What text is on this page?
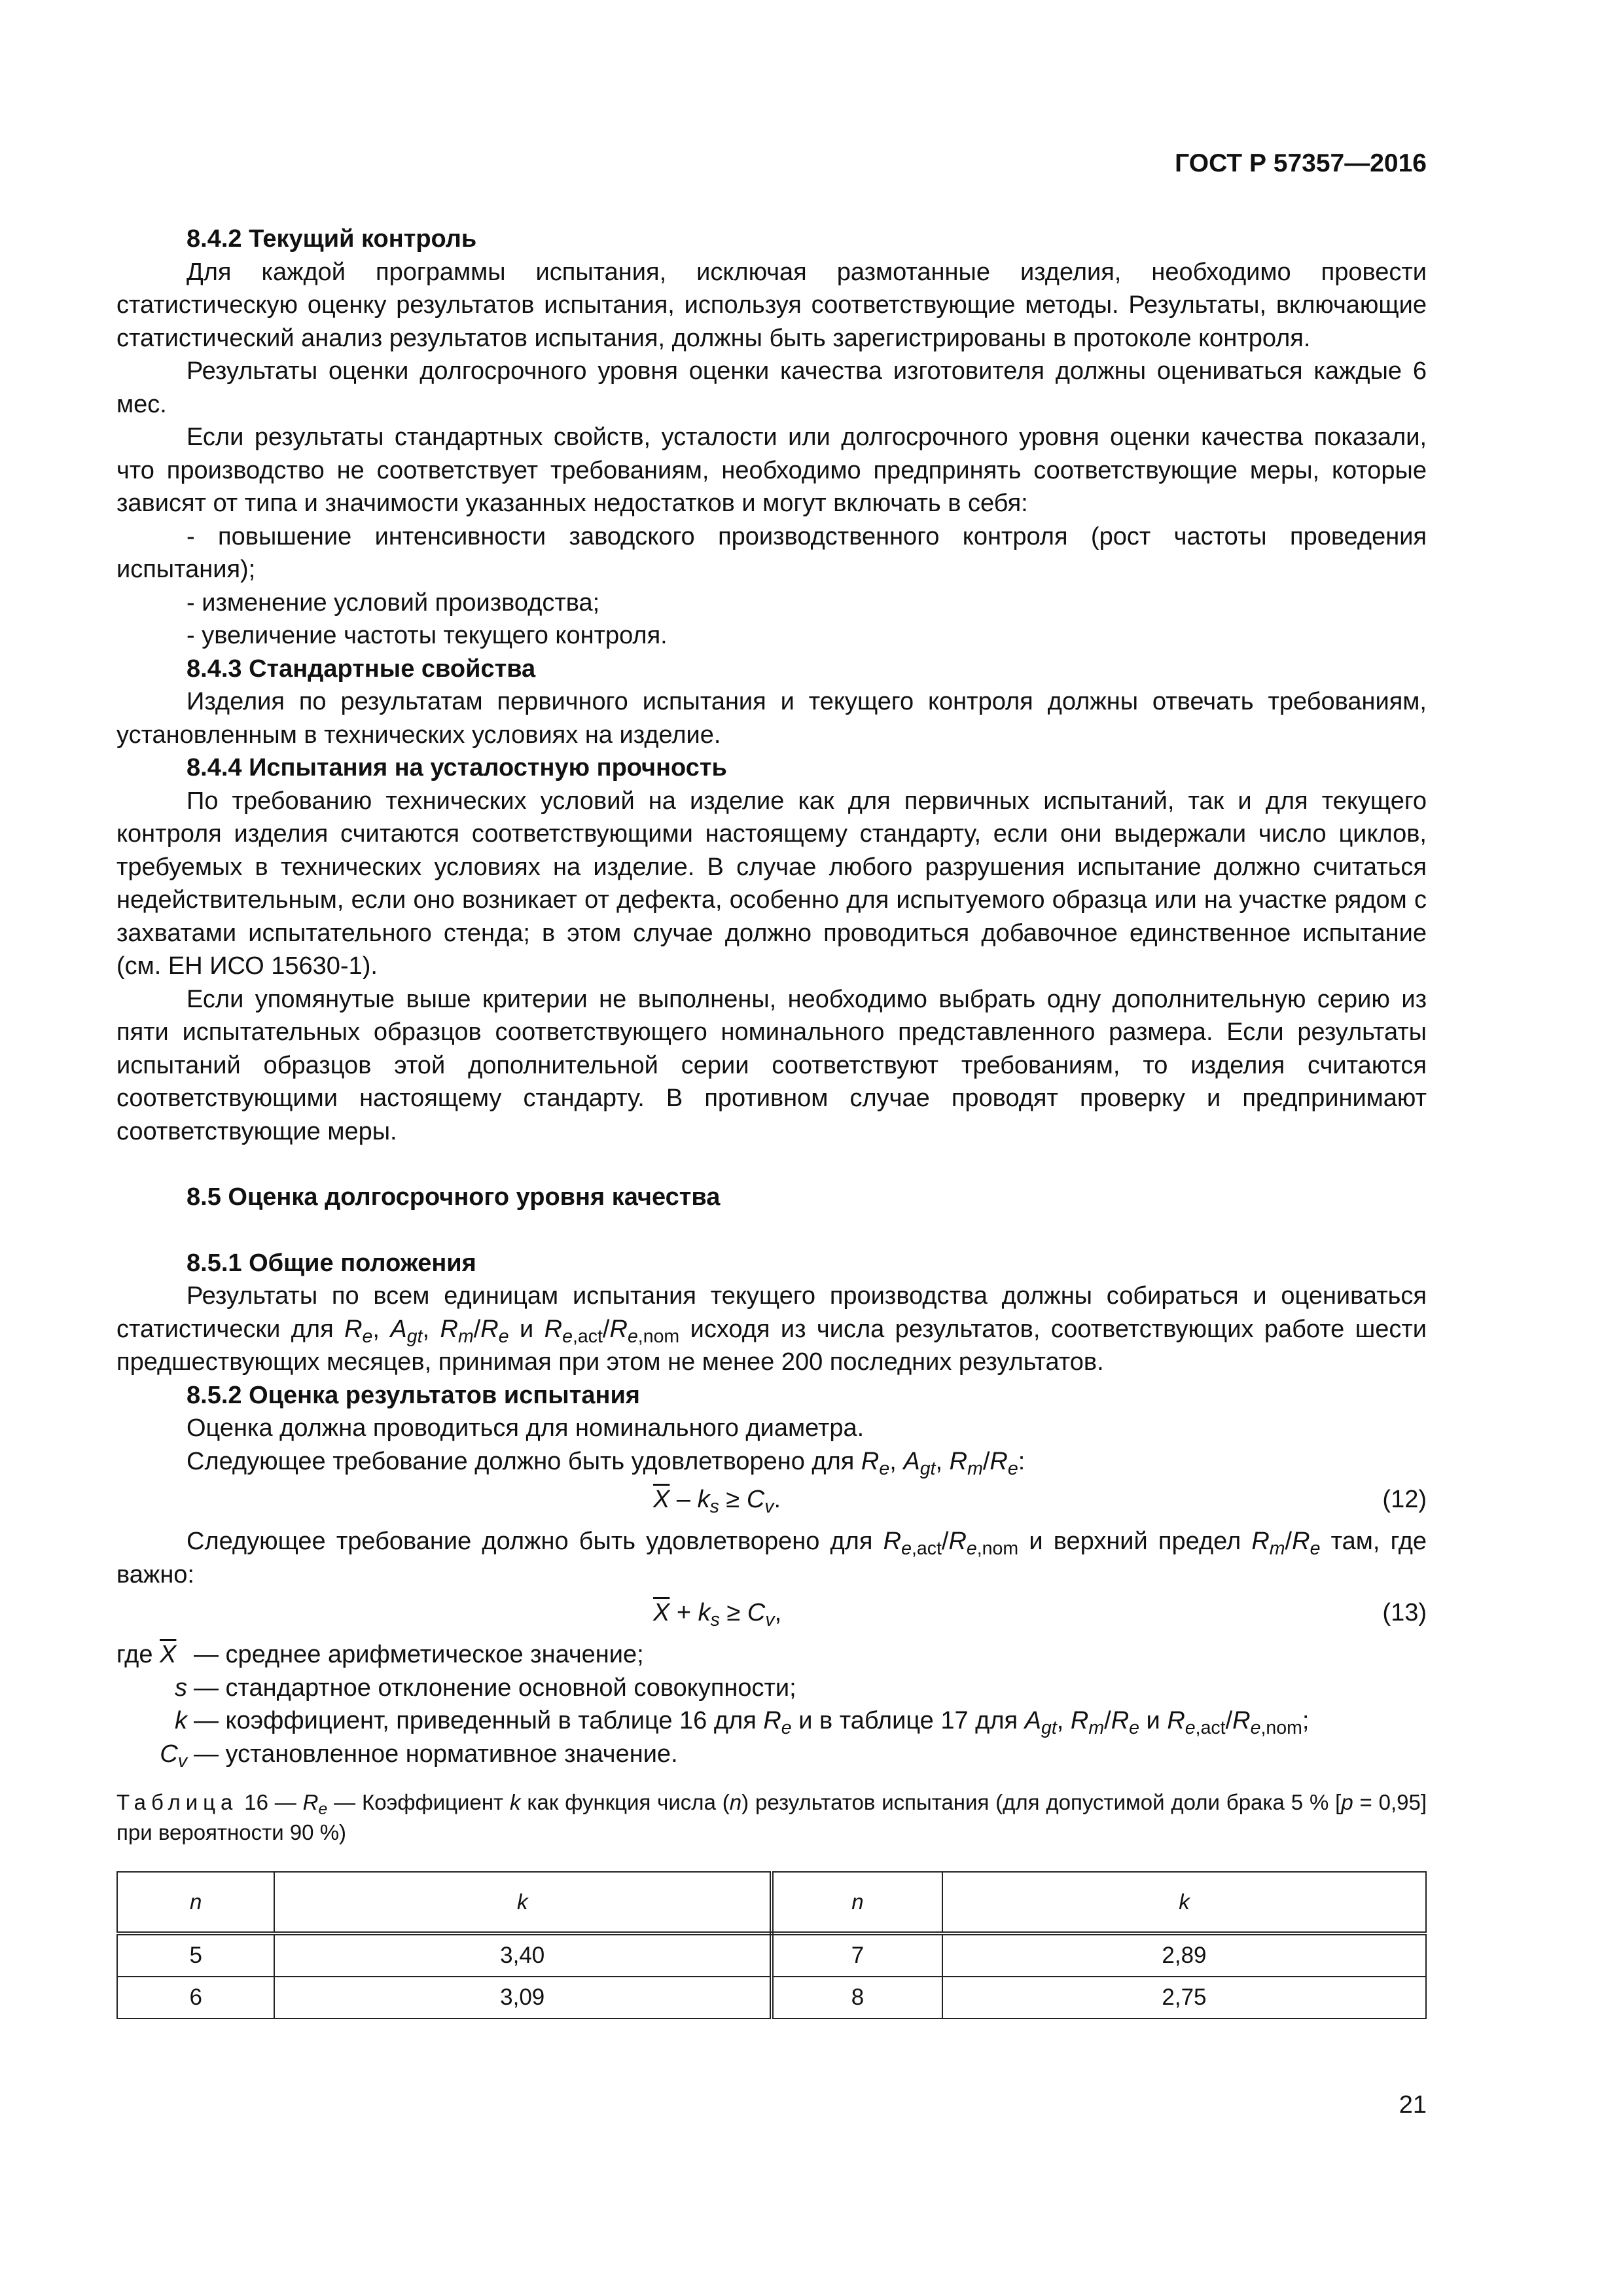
ГОСТ Р 57357—2016

8.4.2 Текущий контроль

Для каждой программы испытания, исключая размотанные изделия, необходимо провести статистическую оценку результатов испытания, используя соответствующие методы. Результаты, включающие статистический анализ результатов испытания, должны быть зарегистрированы в протоколе контроля.

Результаты оценки долгосрочного уровня оценки качества изготовителя должны оцениваться каждые 6 мес.

Если результаты стандартных свойств, усталости или долгосрочного уровня оценки качества показали, что производство не соответствует требованиям, необходимо предпринять соответствующие меры, которые зависят от типа и значимости указанных недостатков и могут включать в себя:

- повышение интенсивности заводского производственного контроля (рост частоты проведения испытания);

- изменение условий производства;

- увеличение частоты текущего контроля.

8.4.3 Стандартные свойства

Изделия по результатам первичного испытания и текущего контроля должны отвечать требованиям, установленным в технических условиях на изделие.

8.4.4 Испытания на усталостную прочность

По требованию технических условий на изделие как для первичных испытаний, так и для текущего контроля изделия считаются соответствующими настоящему стандарту, если они выдержали число циклов, требуемых в технических условиях на изделие. В случае любого разрушения испытание должно считаться недействительным, если оно возникает от дефекта, особенно для испытуемого образца или на участке рядом с захватами испытательного стенда; в этом случае должно проводиться добавочное единственное испытание (см. ЕН ИСО 15630-1).

Если упомянутые выше критерии не выполнены, необходимо выбрать одну дополнительную серию из пяти испытательных образцов соответствующего номинального представленного размера. Если результаты испытаний образцов этой дополнительной серии соответствуют требованиям, то изделия считаются соответствующими настоящему стандарту. В противном случае проводят проверку и предпринимают соответствующие меры.

8.5 Оценка долгосрочного уровня качества

8.5.1 Общие положения

Результаты по всем единицам испытания текущего производства должны собираться и оцениваться статистически для $R_e$, $A_{gt}$, $R_m/R_e$ и $R_{e,act}/R_{e,nom}$ исходя из числа результатов, соответствующих работе шести предшествующих месяцев, принимая при этом не менее 200 последних результатов.

8.5.2 Оценка результатов испытания

Оценка должна проводиться для номинального диаметра.

Следующее требование должно быть удовлетворено для $R_e$, $A_{gt}$, $R_m/R_e$:

$\overline{X} - k_s \ge C_v$.	(12)

Следующее требование должно быть удовлетворено для $R_{e,act}/R_{e,nom}$ и верхний предел $R_m/R_e$ там, где важно:

$\overline{X} + k_s \ge C_v$,	(13)
где $\overline{X}$ — среднее арифметическое значение;
s — стандартное отклонение основной совокупности;
k — коэффициент, приведенный в таблице 16 для $R_e$ и в таблице 17 для $A_{gt}$, $R_m/R_e$ и $R_{e,act}/R_{e,nom}$;
$C_v$ — установленное нормативное значение.

Таблица 16 — $R_e$ — Коэффициент k как функция числа (n) результатов испытания (для допустимой доли брака 5 % [p = 0,95] при вероятности 90 %)

n	k	n	k
5	3,40	7	2,89
6	3,09	8	2,75
21
